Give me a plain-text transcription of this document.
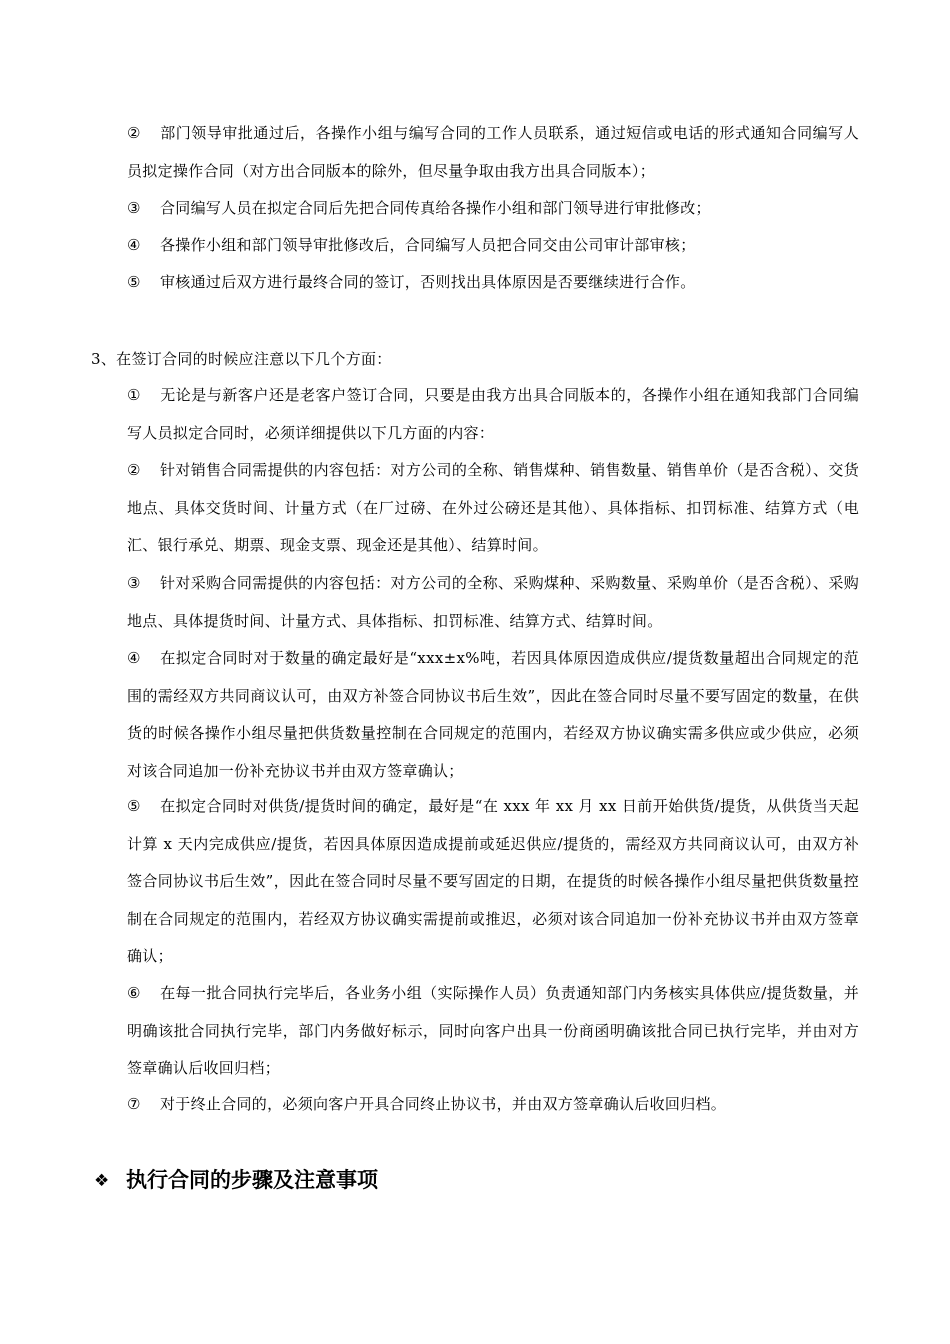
② 部门领导审批通过后，各操作小组与编写合同的工作人员联系，通过短信或电话的形式通知合同编写人员拟定操作合同（对方出合同版本的除外，但尽量争取由我方出具合同版本）；

③ 合同编写人员在拟定合同后先把合同传真给各操作小组和部门领导进行审批修改；

④ 各操作小组和部门领导审批修改后，合同编写人员把合同交由公司审计部审核；

⑤ 审核通过后双方进行最终合同的签订，否则找出具体原因是否要继续进行合作。

3、在签订合同的时候应注意以下几个方面：

① 无论是与新客户还是老客户签订合同，只要是由我方出具合同版本的，各操作小组在通知我部门合同编写人员拟定合同时，必须详细提供以下几方面的内容：

② 针对销售合同需提供的内容包括：对方公司的全称、销售煤种、销售数量、销售单价（是否含税）、交货地点、具体交货时间、计量方式（在厂过磅、在外过公磅还是其他）、具体指标、扣罚标准、结算方式（电汇、银行承兑、期票、现金支票、现金还是其他）、结算时间。

③ 针对采购合同需提供的内容包括：对方公司的全称、采购煤种、采购数量、采购单价（是否含税）、采购地点、具体提货时间、计量方式、具体指标、扣罚标准、结算方式、结算时间。

④ 在拟定合同时对于数量的确定最好是“xxx±x%吨，若因具体原因造成供应/提货数量超出合同规定的范围的需经双方共同商议认可，由双方补签合同协议书后生效”，因此在签合同时尽量不要写固定的数量，在供货的时候各操作小组尽量把供货数量控制在合同规定的范围内，若经双方协议确实需多供应或少供应，必须对该合同追加一份补充协议书并由双方签章确认；

⑤ 在拟定合同时对供货/提货时间的确定，最好是“在 xxx 年 xx 月 xx 日前开始供货/提货，从供货当天起计算 x 天内完成供应/提货，若因具体原因造成提前或延迟供应/提货的，需经双方共同商议认可，由双方补签合同协议书后生效”，因此在签合同时尽量不要写固定的日期，在提货的时候各操作小组尽量把供货数量控制在合同规定的范围内，若经双方协议确实需提前或推迟，必须对该合同追加一份补充协议书并由双方签章确认；

⑥ 在每一批合同执行完毕后，各业务小组（实际操作人员）负责通知部门内务核实具体供应/提货数量，并明确该批合同执行完毕，部门内务做好标示，同时向客户出具一份商函明确该批合同已执行完毕，并由对方签章确认后收回归档；

⑦ 对于终止合同的，必须向客户开具合同终止协议书，并由双方签章确认后收回归档。

❖ 执行合同的步骤及注意事项
